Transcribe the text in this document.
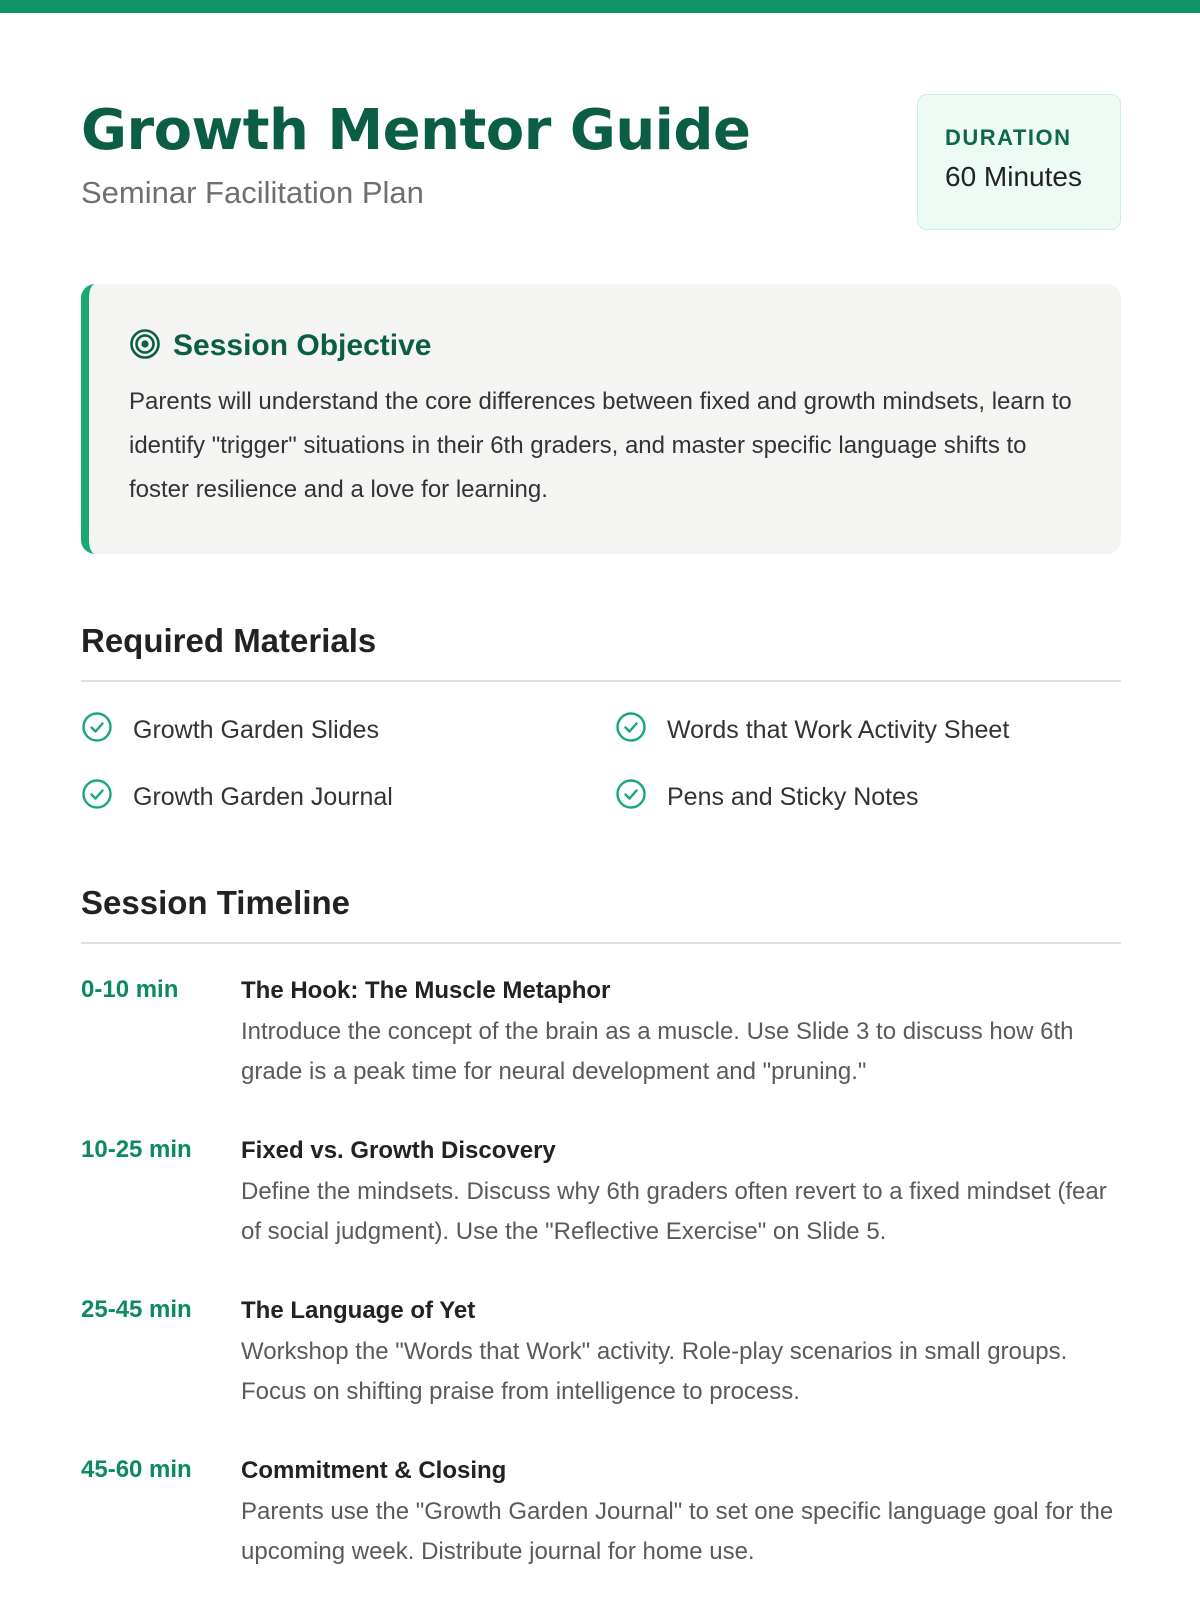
Growth Mentor Guide
Seminar Facilitation Plan
DURATION
60 Minutes
Session Objective

Parents will understand the core differences between fixed and growth mindsets, learn to identify "trigger" situations in their 6th graders, and master specific language shifts to foster resilience and a love for learning.

Required Materials
Growth Garden Slides	Words that Work Activity Sheet
Growth Garden Journal	Pens and Sticky Notes
Session Timeline
0-10 min	The Hook: The Muscle Metaphor
Introduce the concept of the brain as a muscle. Use Slide 3 to discuss how 6th grade is a peak time for neural development and "pruning."
10-25 min Fixed vs. Growth Discovery
Define the mindsets. Discuss why 6th graders often revert to a fixed mindset (fear of social judgment). Use the "Reflective Exercise" on Slide 5.
25-45 min The Language of Yet
Workshop the "Words that Work" activity. Role-play scenarios in small groups. Focus on shifting praise from intelligence to process.
45-60 min Commitment & Closing
Parents use the "Growth Garden Journal" to set one specific language goal for the upcoming week. Distribute journal for home use.
